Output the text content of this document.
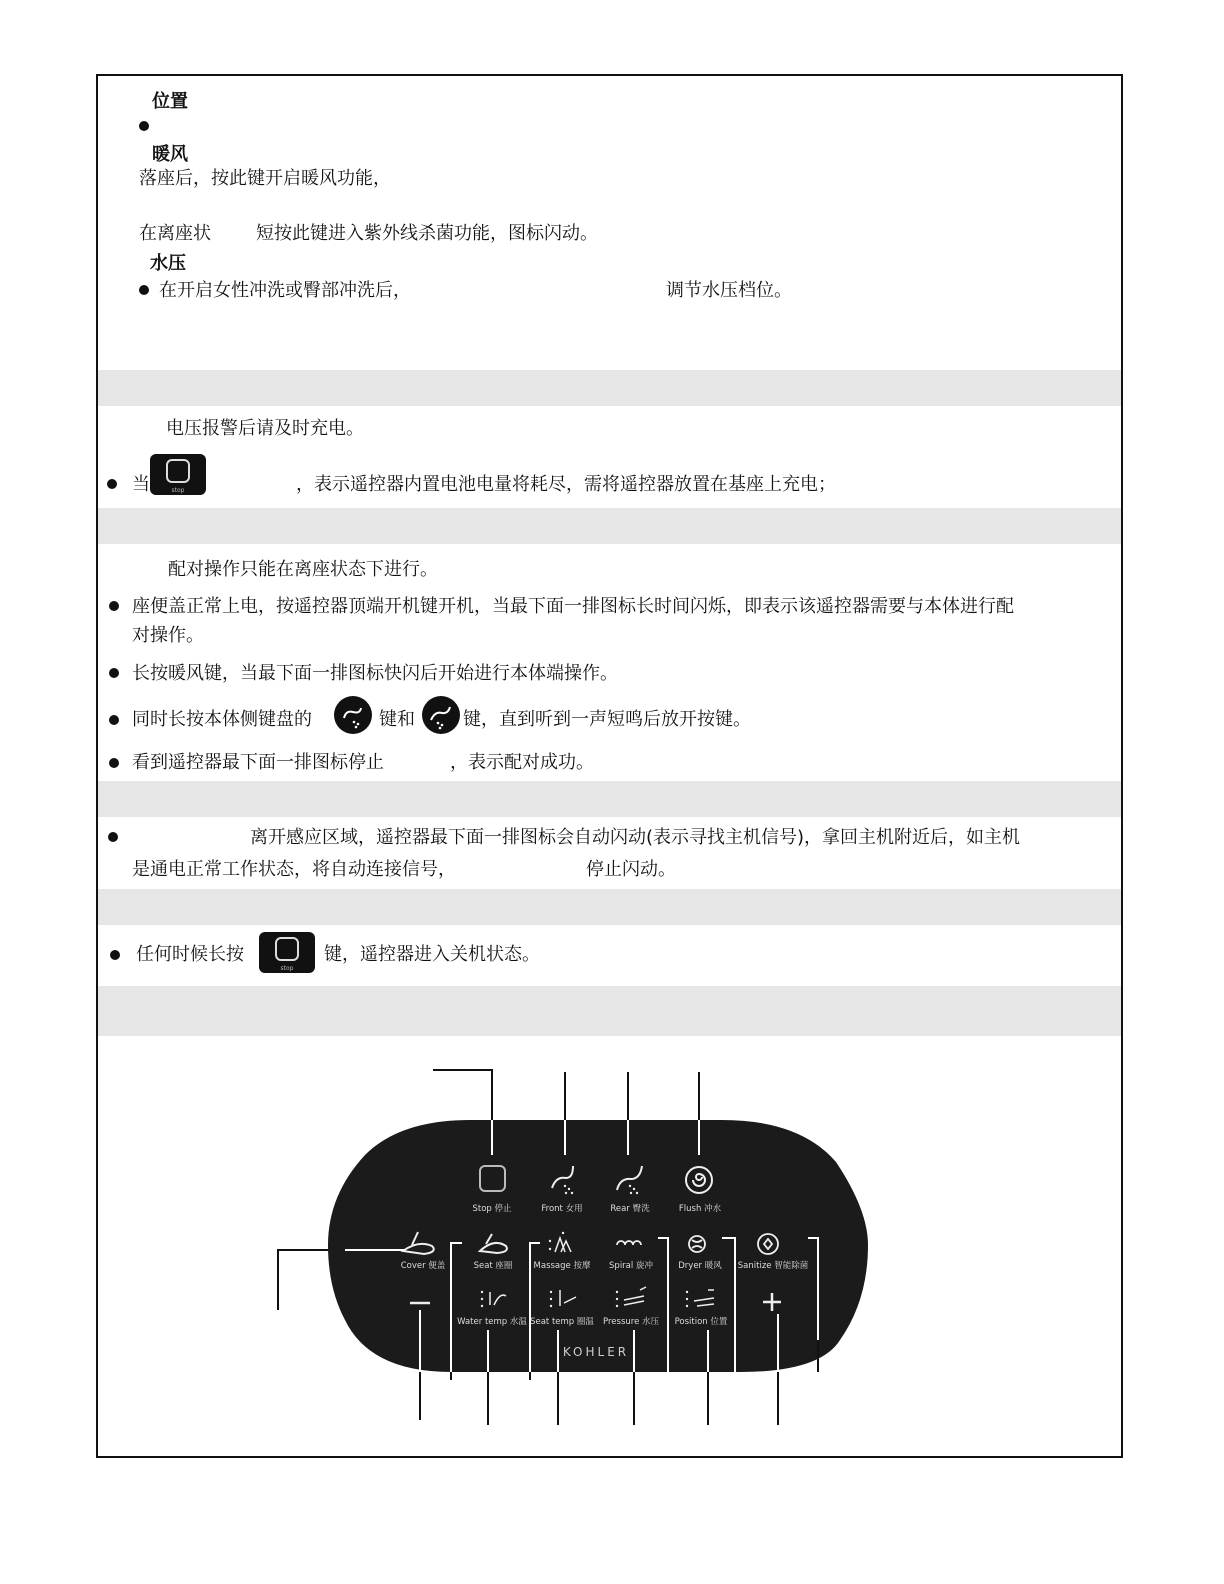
位置
暖风
落座后，按此键开启暖风功能，
在离座状	短按此键进入紫外线杀菌功能，图标闪动。
水压
在开启女性冲洗或臀部冲洗后，	调节水压档位。
电压报警后请及时充电。
当	stop	，表示遥控器内置电池电量将耗尽，需将遥控器放置在基座上充电；
配对操作只能在离座状态下进行。
座便盖正常上电，按遥控器顶端开机键开机，当最下面一排图标长时间闪烁，即表示该遥控器需要与本体进行配
对操作。
长按暖风键，当最下面一排图标快闪后开始进行本体端操作。
同时长按本体侧键盘的	键和	键，直到听到一声短鸣后放开按键。
看到遥控器最下面一排图标停止	，表示配对成功。
离开感应区域，遥控器最下面一排图标会自动闪动(表示寻找主机信号)，拿回主机附近后，如主机
是通电正常工作状态，将自动连接信号，	停止闪动。
任何时候长按
stop
键，遥控器进入关机状态。
Stop 停止	Front 女用	Rear 臀洗	Flush 冲水
Cover 便盖	Seat 座圈 Massage 按摩 Spiral 旋冲	Dryer 暖风 Sanitize 智能除菌
Water temp 水温 Seat temp 圈温 Pressure 水压 Position 位置
KOHLER
